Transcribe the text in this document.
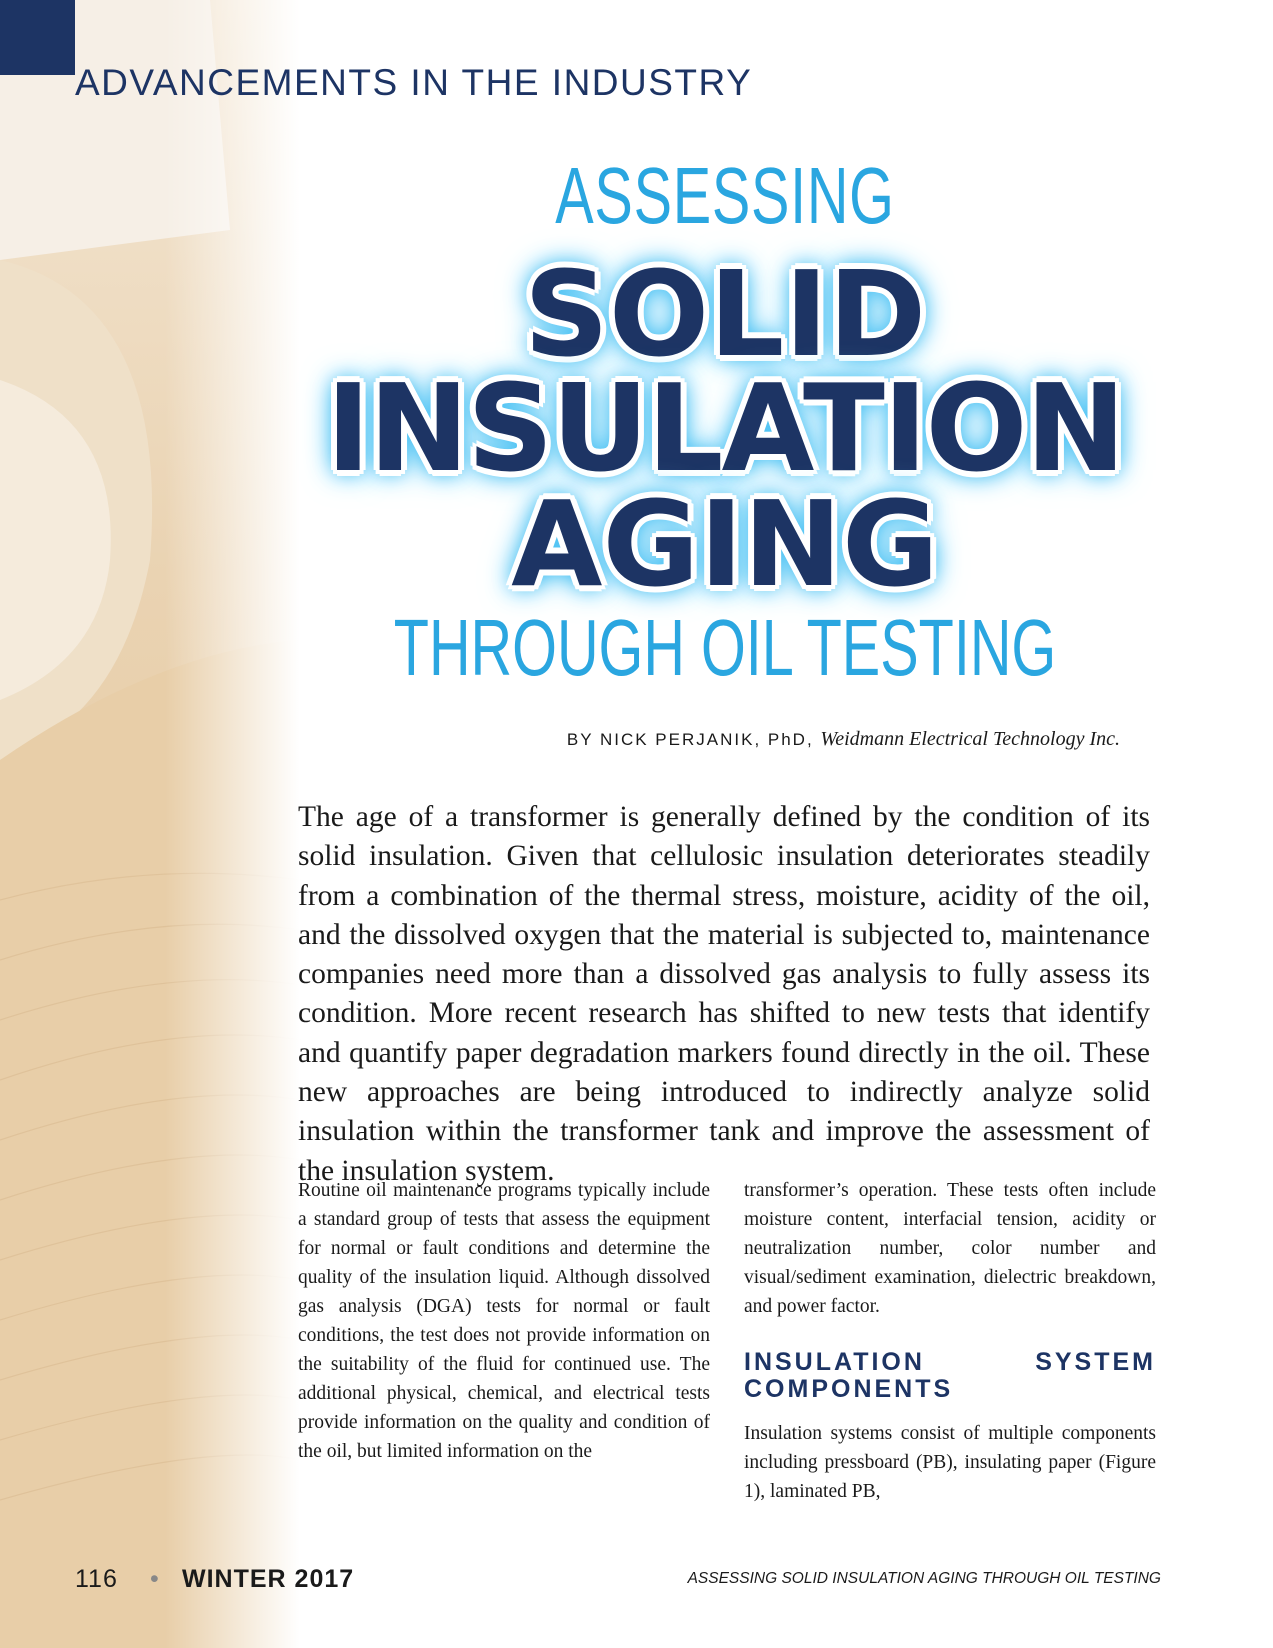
ADVANCEMENTS IN THE INDUSTRY
ASSESSING
SOLID
INSULATION
AGING
THROUGH OIL TESTING
BY NICK PERJANIK, PhD, Weidmann Electrical Technology Inc.

The age of a transformer is generally defined by the condition of its solid insulation. Given that cellulosic insulation deteriorates steadily from a combination of the thermal stress, moisture, acidity of the oil, and the dissolved oxygen that the material is subjected to, maintenance companies need more than a dissolved gas analysis to fully assess its condition. More recent research has shifted to new tests that identify and quantify paper degradation markers found directly in the oil. These new approaches are being introduced to indirectly analyze solid insulation within the transformer tank and improve the assessment of the insulation system.

Routine oil maintenance programs typically include a standard group of tests that assess the equipment for normal or fault conditions and determine the quality of the insulation liquid. Although dissolved gas analysis (DGA) tests for normal or fault conditions, the test does not provide information on the suitability of the fluid for continued use. The additional physical, chemical, and electrical tests provide information on the quality and condition of the oil, but limited information on the

transformer’s operation. These tests often include moisture content, interfacial tension, acidity or neutralization number, color number and visual/sediment examination, dielectric breakdown, and power factor.

INSULATION SYSTEM COMPONENTS

Insulation systems consist of multiple components including pressboard (PB), insulating paper (Figure 1), laminated PB,

116 • WINTER 2017	ASSESSING SOLID INSULATION AGING THROUGH OIL TESTING
